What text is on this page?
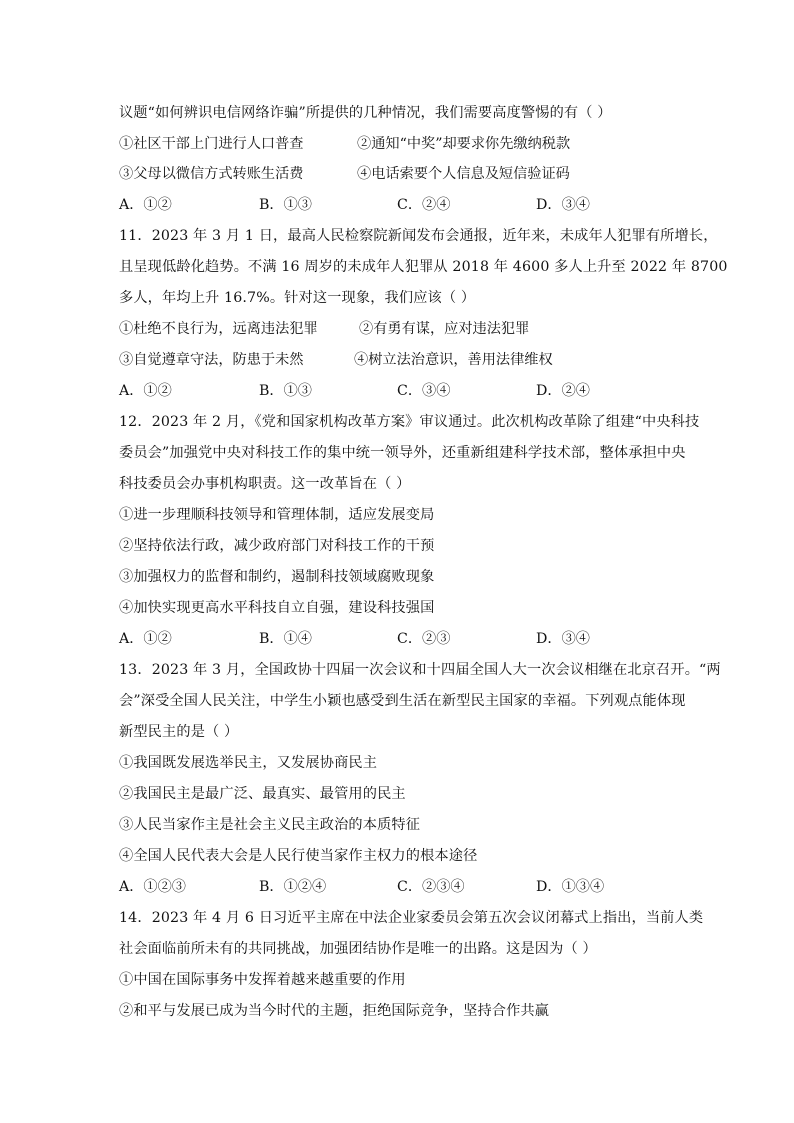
议题“如何辨识电信网络诈骗”所提供的几种情况，我们需要高度警惕的有（ ）
①社区干部上门进行人口普查	②通知“中奖”却要求你先缴纳税款
③父母以微信方式转账生活费	④电话索要个人信息及短信验证码
A．①②	B．①③	C．②④	D．③④
11．2023 年 3 月 1 日，最高人民检察院新闻发布会通报，近年来，未成年人犯罪有所增长，
且呈现低龄化趋势。不满 16 周岁的未成年人犯罪从 2018 年 4600 多人上升至 2022 年 8700
多人，年均上升 16.7%。针对这一现象，我们应该（ ）
①杜绝不良行为，远离违法犯罪	②有勇有谋，应对违法犯罪
③自觉遵章守法，防患于未然	④树立法治意识，善用法律维权
A．①②	B．①③	C．③④	D．②④
12．2023 年 2 月，《党和国家机构改革方案》审议通过。此次机构改革除了组建“中央科技
委员会”加强党中央对科技工作的集中统一领导外，还重新组建科学技术部，整体承担中央
科技委员会办事机构职责。这一改革旨在（ ）
①进一步理顺科技领导和管理体制，适应发展变局
②坚持依法行政，减少政府部门对科技工作的干预
③加强权力的监督和制约，遏制科技领域腐败现象
④加快实现更高水平科技自立自强，建设科技强国
A．①②	B．①④	C．②③	D．③④
13．2023 年 3 月，全国政协十四届一次会议和十四届全国人大一次会议相继在北京召开。“两
会”深受全国人民关注，中学生小颖也感受到生活在新型民主国家的幸福。下列观点能体现
新型民主的是（ ）
①我国既发展选举民主，又发展协商民主
②我国民主是最广泛、最真实、最管用的民主
③人民当家作主是社会主义民主政治的本质特征
④全国人民代表大会是人民行使当家作主权力的根本途径
A．①②③	B．①②④	C．②③④	D．①③④
14．2023 年 4 月 6 日习近平主席在中法企业家委员会第五次会议闭幕式上指出，当前人类
社会面临前所未有的共同挑战，加强团结协作是唯一的出路。这是因为（ ）
①中国在国际事务中发挥着越来越重要的作用
②和平与发展已成为当今时代的主题，拒绝国际竞争，坚持合作共赢
